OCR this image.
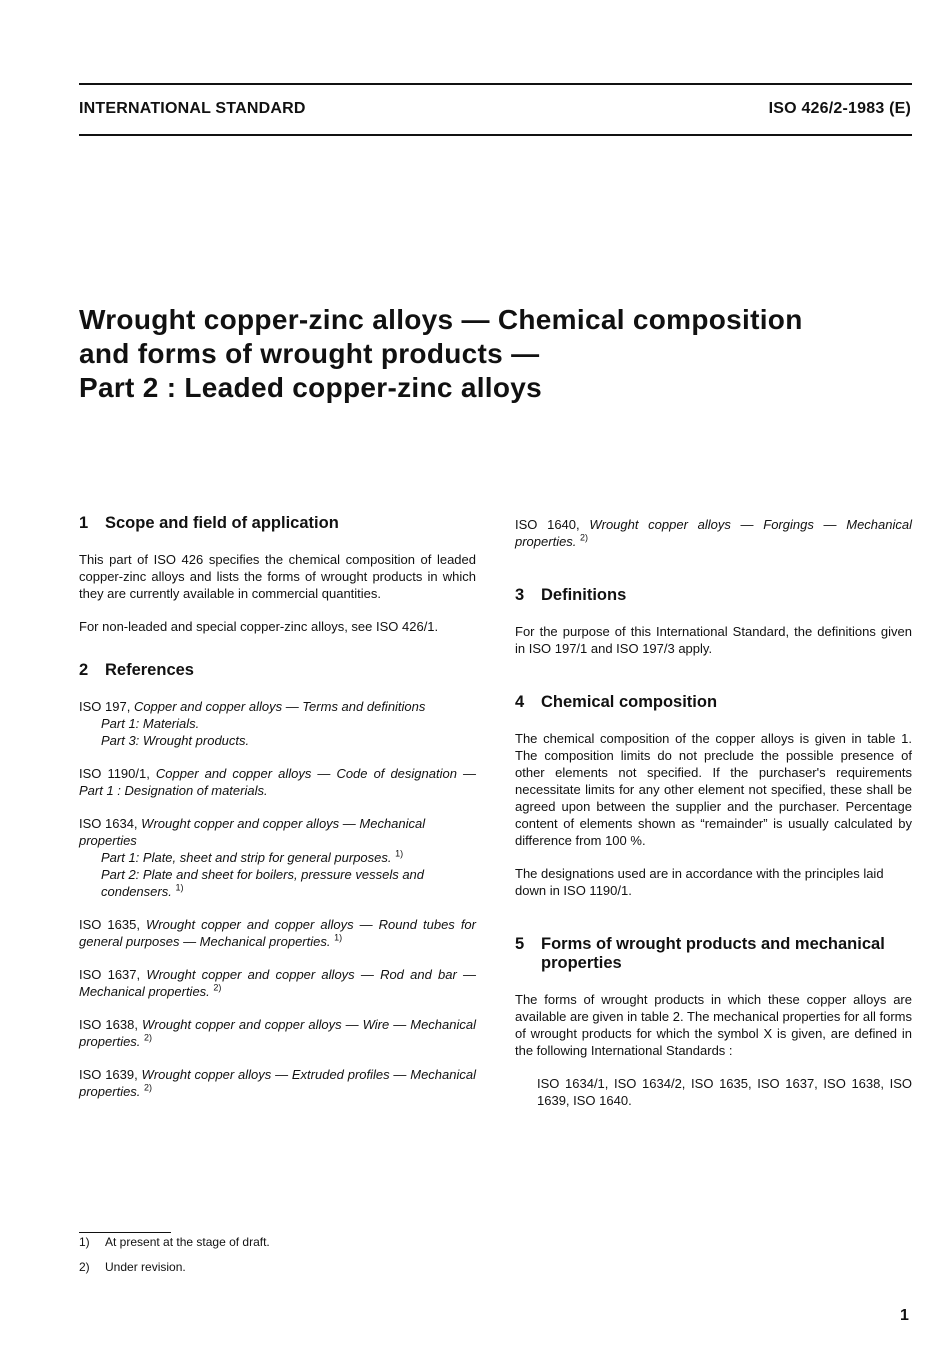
INTERNATIONAL STANDARD	ISO 426/2-1983 (E)
Wrought copper-zinc alloys — Chemical composition
and forms of wrought products —
Part 2 : Leaded copper-zinc alloys
1 Scope and field of application

This part of ISO 426 specifies the chemical composition of leaded copper-zinc alloys and lists the forms of wrought products in which they are currently available in commercial quantities.

For non-leaded and special copper-zinc alloys, see ISO 426/1.

2 References

ISO 197, Copper and copper alloys — Terms and definitions
Part 1: Materials.
Part 3: Wrought products.

ISO 1190/1, Copper and copper alloys — Code of designation — Part 1 : Designation of materials.

ISO 1634, Wrought copper and copper alloys — Mechanical properties
Part 1: Plate, sheet and strip for general purposes. $^{1)}$
Part 2: Plate and sheet for boilers, pressure vessels and condensers. $^{1)}$

ISO 1635, Wrought copper and copper alloys — Round tubes for general purposes — Mechanical properties. $^{1)}$

ISO 1637, Wrought copper and copper alloys — Rod and bar — Mechanical properties. $^{2)}$

ISO 1638, Wrought copper and copper alloys — Wire — Mechanical properties. $^{2)}$

ISO 1639, Wrought copper alloys — Extruded profiles — Mechanical properties. $^{2)}$

ISO 1640, Wrought copper alloys — Forgings — Mechanical properties. $^{2)}$

3 Definitions

For the purpose of this International Standard, the definitions given in ISO 197/1 and ISO 197/3 apply.

4 Chemical composition

The chemical composition of the copper alloys is given in table 1. The composition limits do not preclude the possible presence of other elements not specified. If the purchaser's requirements necessitate limits for any other element not specified, these shall be agreed upon between the supplier and the purchaser. Percentage content of elements shown as “remainder” is usually calculated by difference from 100 %.

The designations used are in accordance with the principles laid down in ISO 1190/1.

5	Forms of wrought products and mechanical properties

The forms of wrought products in which these copper alloys are available are given in table 2. The mechanical properties for all forms of wrought products for which the symbol X is given, are defined in the following International Standards :

ISO 1634/1, ISO 1634/2, ISO 1635, ISO 1637, ISO 1638, ISO 1639, ISO 1640.

1) At present at the stage of draft.
2) Under revision.
1
